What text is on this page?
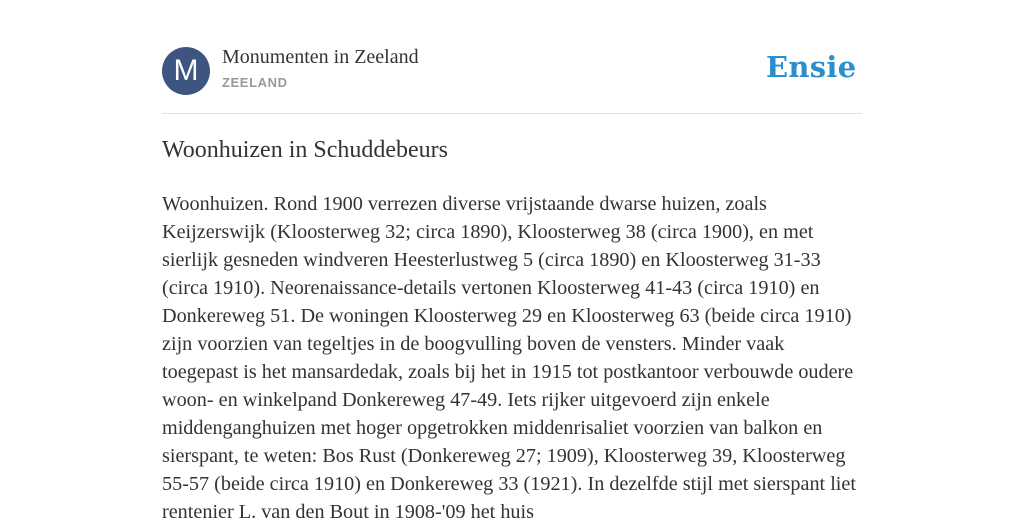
M	Monumenten in Zeeland
ZEELAND	Ensie
Woonhuizen in Schuddebeurs

Woonhuizen. Rond 1900 verrezen diverse vrijstaande dwarse huizen, zoals Keijzerswijk (Kloosterweg 32; circa 1890), Kloosterweg 38 (circa 1900), en met sierlijk gesneden windveren Heesterlustweg 5 (circa 1890) en Kloosterweg 31-33 (circa 1910). Neorenaissance-details vertonen Kloosterweg 41-43 (circa 1910) en Donkereweg 51. De woningen Kloosterweg 29 en Kloosterweg 63 (beide circa 1910) zijn voorzien van tegeltjes in de boogvulling boven de vensters. Minder vaak toegepast is het mansardedak, zoals bij het in 1915 tot postkantoor verbouwde oudere woon- en winkelpand Donkereweg 47-49. Iets rijker uitgevoerd zijn enkele middenganghuizen met hoger opgetrokken middenrisaliet voorzien van balkon en sierspant, te weten: Bos Rust (Donkereweg 27; 1909), Kloosterweg 39, Kloosterweg 55-57 (beide circa 1910) en Donkereweg 33 (1921). In dezelfde stijl met sierspant liet rentenier L. van den Bout in 1908-'09 het huis
